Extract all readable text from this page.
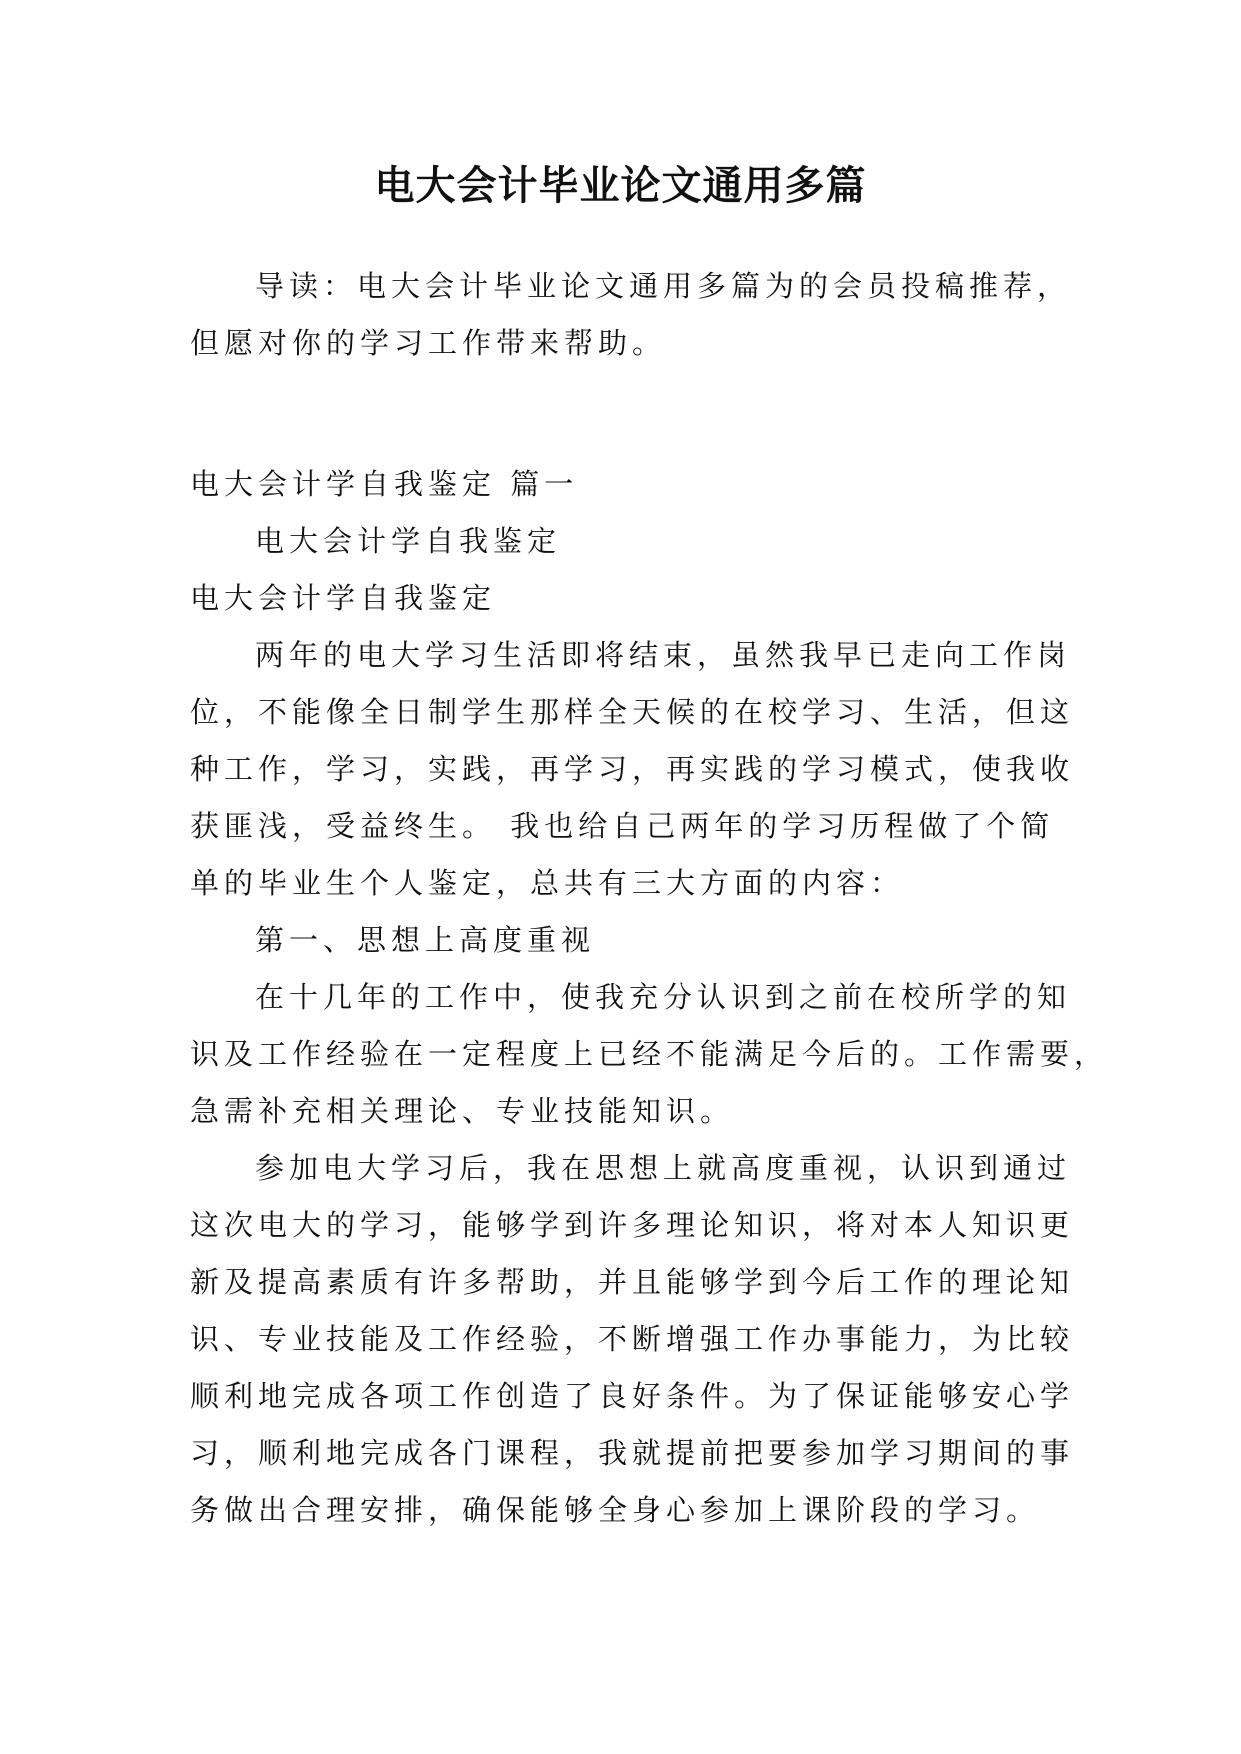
电大会计毕业论文通用多篇
导读：电大会计毕业论文通用多篇为的会员投稿推荐，
但愿对你的学习工作带来帮助。
电大会计学自我鉴定 篇一
电大会计学自我鉴定
电大会计学自我鉴定
两年的电大学习生活即将结束，虽然我早已走向工作岗
位，不能像全日制学生那样全天候的在校学习、生活，但这
种工作，学习，实践，再学习，再实践的学习模式，使我收
获匪浅，受益终生。 我也给自己两年的学习历程做了个简
单的毕业生个人鉴定，总共有三大方面的内容：
第一、思想上高度重视
在十几年的工作中，使我充分认识到之前在校所学的知
识及工作经验在一定程度上已经不能满足今后的。工作需要，
急需补充相关理论、专业技能知识。
参加电大学习后，我在思想上就高度重视，认识到通过
这次电大的学习，能够学到许多理论知识，将对本人知识更
新及提高素质有许多帮助，并且能够学到今后工作的理论知
识、专业技能及工作经验，不断增强工作办事能力，为比较
顺利地完成各项工作创造了良好条件。为了保证能够安心学
习，顺利地完成各门课程，我就提前把要参加学习期间的事
务做出合理安排，确保能够全身心参加上课阶段的学习。
